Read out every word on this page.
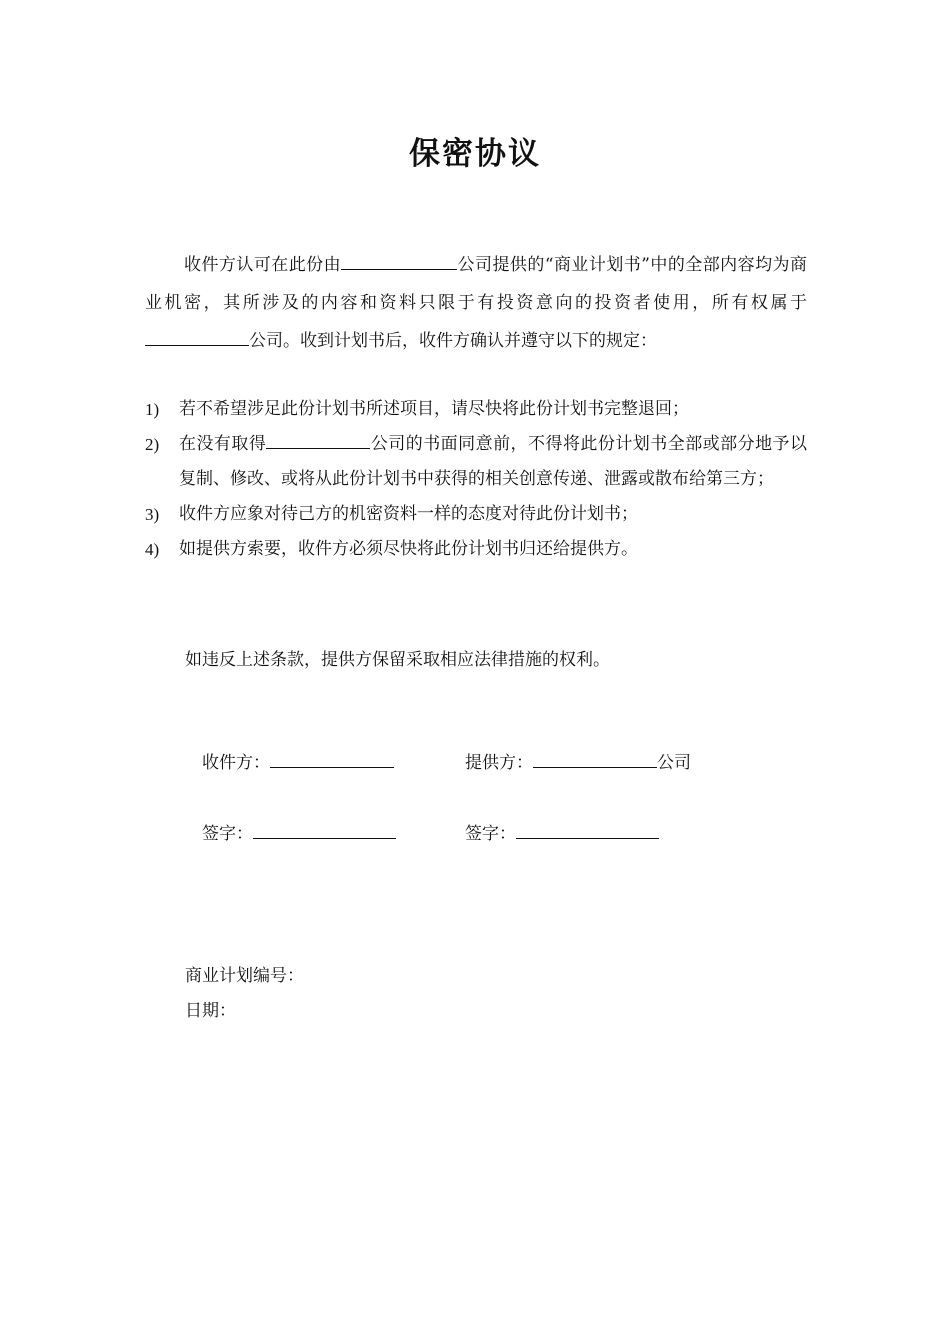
保密协议
收件方认可在此份由	公司提供的“商业计划书”中的全部内容均为商业机密，其所涉及的内容和资料只限于有投资意向的投资者使用，所有权属于公司。收到计划书后，收件方确认并遵守以下的规定：
1) 若不希望涉足此份计划书所述项目，请尽快将此份计划书完整退回；
2) 在没有取得	公司的书面同意前，不得将此份计划书全部或部分地予以复制、修改、或将从此份计划书中获得的相关创意传递、泄露或散布给第三方；
3) 收件方应象对待己方的机密资料一样的态度对待此份计划书；
4) 如提供方索要，收件方必须尽快将此份计划书归还给提供方。
如违反上述条款，提供方保留采取相应法律措施的权利。
收件方：	提供方：	公司
签字：	签字：
商业计划编号：
日期：
